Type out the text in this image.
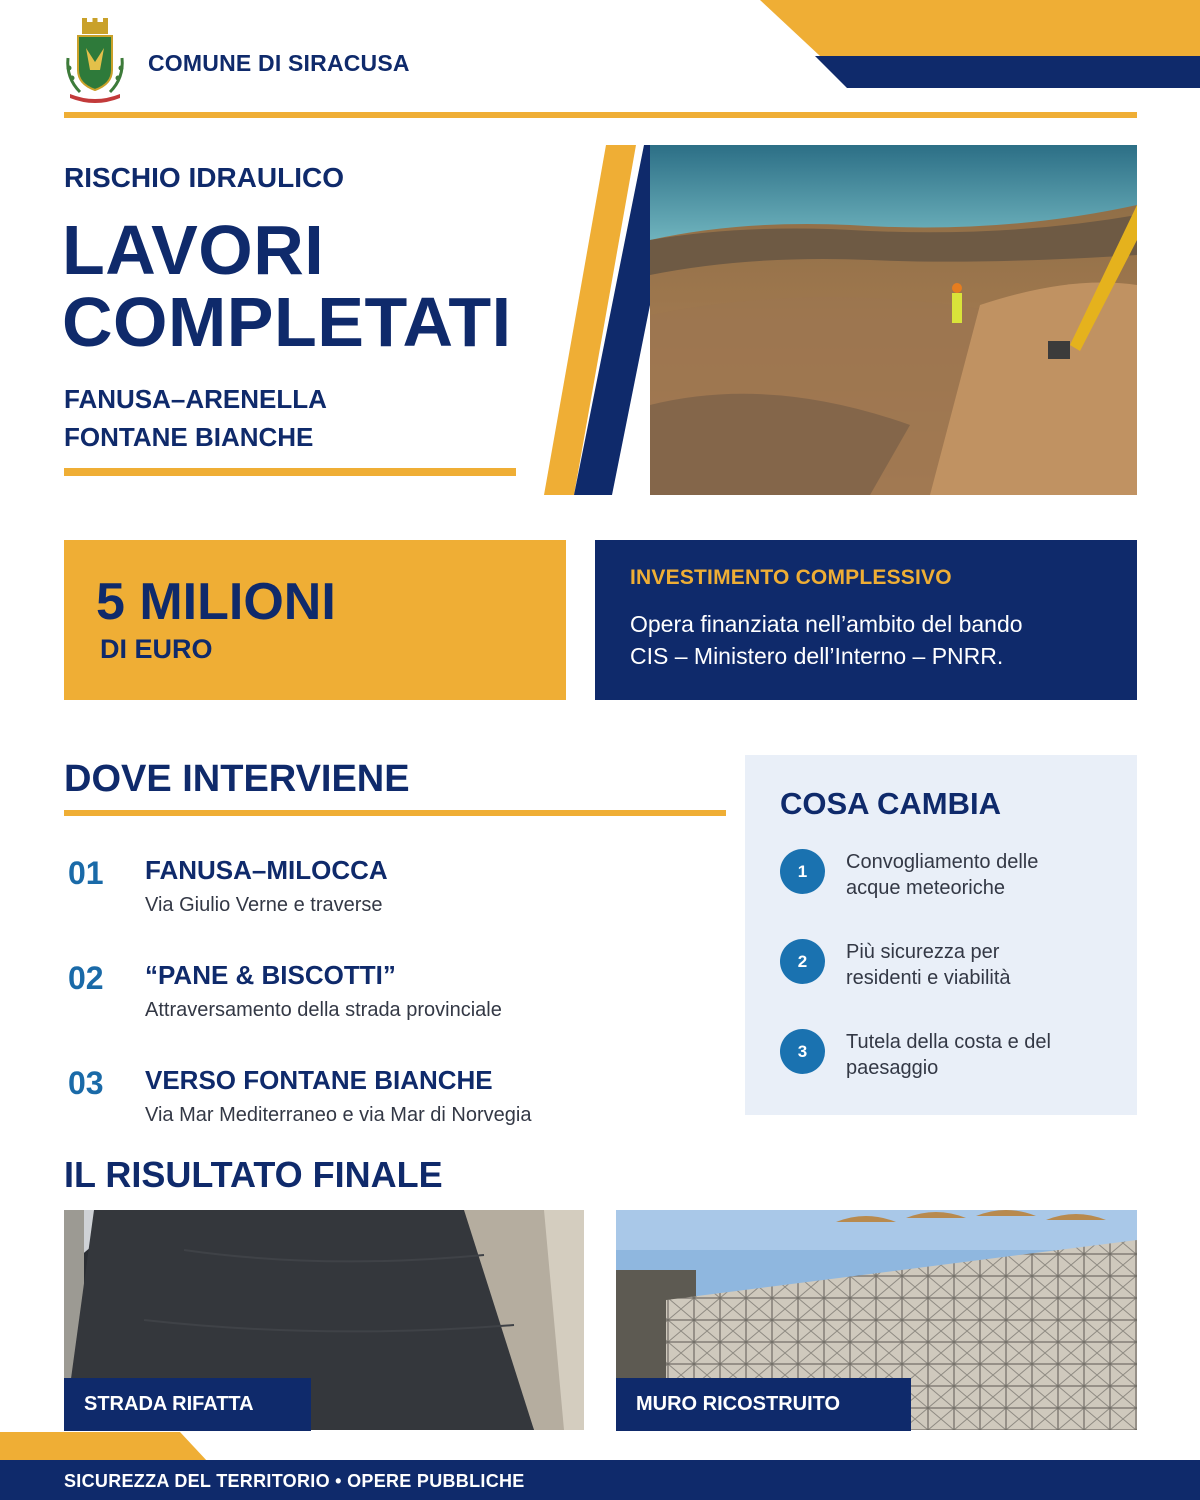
COMUNE DI SIRACUSA
RISCHIO IDRAULICO
LAVORI
COMPLETATI
FANUSA–ARENELLA
FONTANE BIANCHE
5 MILIONI
DI EURO
INVESTIMENTO COMPLESSIVO
Opera finanziata nell’ambito del bando
CIS – Ministero dell’Interno – PNRR.
DOVE INTERVIENE
01 FANUSA–MILOCCA
Via Giulio Verne e traverse
02 “PANE & BISCOTTI”
Attraversamento della strada provinciale
03 VERSO FONTANE BIANCHE
Via Mar Mediterraneo e via Mar di Norvegia
COSA CAMBIA
1	Convogliamento delle
acque meteoriche
2	Più sicurezza per
residenti e viabilità
3	Tutela della costa e del
paesaggio
IL RISULTATO FINALE
STRADA RIFATTA	MURO RICOSTRUITO
SICUREZZA DEL TERRITORIO • OPERE PUBBLICHE
